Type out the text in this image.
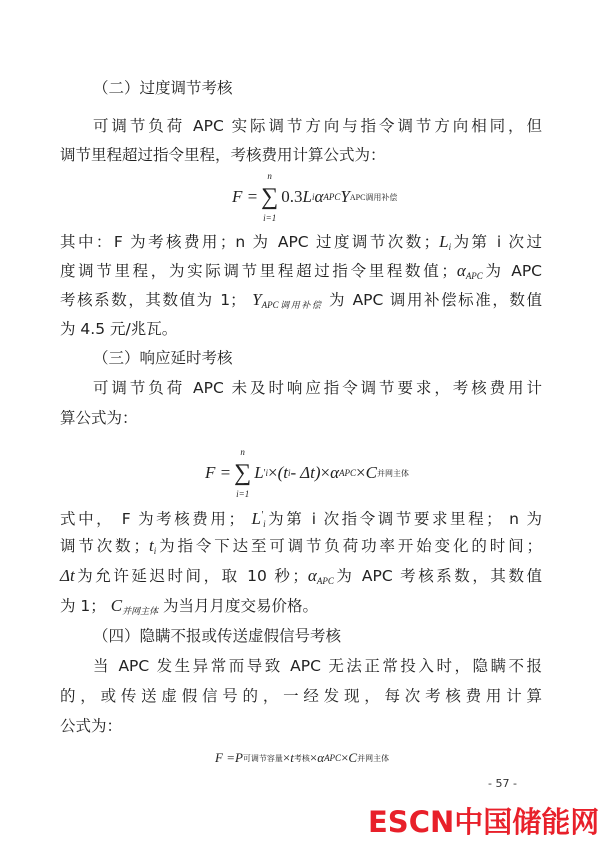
（二）过度调节考核
可调节负荷 APC 实际调节方向与指令调节方向相同，但
调节里程超过指令里程，考核费用计算公式为：
其中：F 为考核费用；n 为 APC 过度调节次数；$L_i$为第 i 次过
度调节里程，为实际调节里程超过指令里程数值；$\alpha_{APC}$为 APC
考核系数，其数值为 1； $Y_{APC调用补偿}$ 为 APC 调用补偿标准，数值
为 4.5 元/兆瓦。
（三）响应延时考核
可调节负荷 APC 未及时响应指令调节要求，考核费用计
算公式为：
式中， F 为考核费用； $L'_i$为第 i 次指令调节要求里程； n 为
调节次数；$t_i$为指令下达至可调节负荷功率开始变化的时间；
Δt为允许延迟时间，取 10 秒；$\alpha_{APC}$为 APC 考核系数，其数值
为 1； $C_{并网主体}$ 为当月月度交易价格。
（四）隐瞒不报或传送虚假信号考核
当 APC 发生异常而导致 APC 无法正常投入时，隐瞒不报
的，或传送虚假信号的，一经发现，每次考核费用计算
公式为：
F =
n
∑
i=1
0.3 L i α APC Y APC调用补偿
F =
n
∑
i=1
L ' i × (t i - Δt) × α APC × C 并网主体
F = P 可调节容量 × t 考核 × α APC × C 并网主体
- 57 -
ESCN中国储能网
